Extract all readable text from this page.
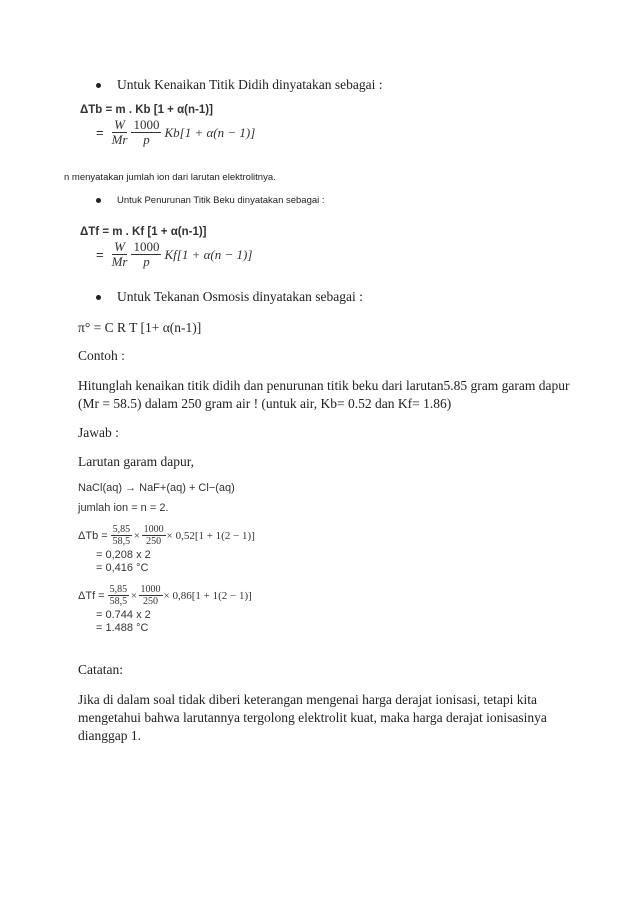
Untuk Kenaikan Titik Didih dinyatakan sebagai :
ΔTb = m . Kb [1 + α(n-1)]
= $\frac{W}{Mr} \frac{1000}{p}$ Kb [1 + α(n − 1)]
n menyatakan jumlah ion dari larutan elektrolitnya.
Untuk Penurunan Titik Beku dinyatakan sebagai :
ΔTf = m . Kf [1 + α(n-1)]
= $\frac{W}{Mr} \frac{1000}{p}$ Kf [1 + α(n − 1)]
Untuk Tekanan Osmosis dinyatakan sebagai :
π° = C R T [1+ α(n-1)]
Contoh :

Hitunglah kenaikan titik didih dan penurunan titik beku dari larutan5.85 gram garam dapur

(Mr = 58.5) dalam 250 gram air ! (untuk air, Kb= 0.52 dan Kf= 1.86)

Jawab :
Larutan garam dapur,
NaCl(aq) → NaF+(aq) + Cl−(aq)
jumlah ion = n = 2.
$\Delta Tb = \frac{5,85}{58,5} \times \frac{1000}{250} \times 0,52[1 + 1(2 - 1)]$
= 0,208 x 2
= 0,416 °C
$\Delta Tf = \frac{5,85}{58,5} \times \frac{1000}{250} \times 0,86[1 + 1(2 - 1)]$
= 0.744 x 2
= 1.488 °C
Catatan:

Jika di dalam soal tidak diberi keterangan mengenai harga derajat ionisasi, tetapi kita

mengetahui bahwa larutannya tergolong elektrolit kuat, maka harga derajat ionisasinya

dianggap 1.
